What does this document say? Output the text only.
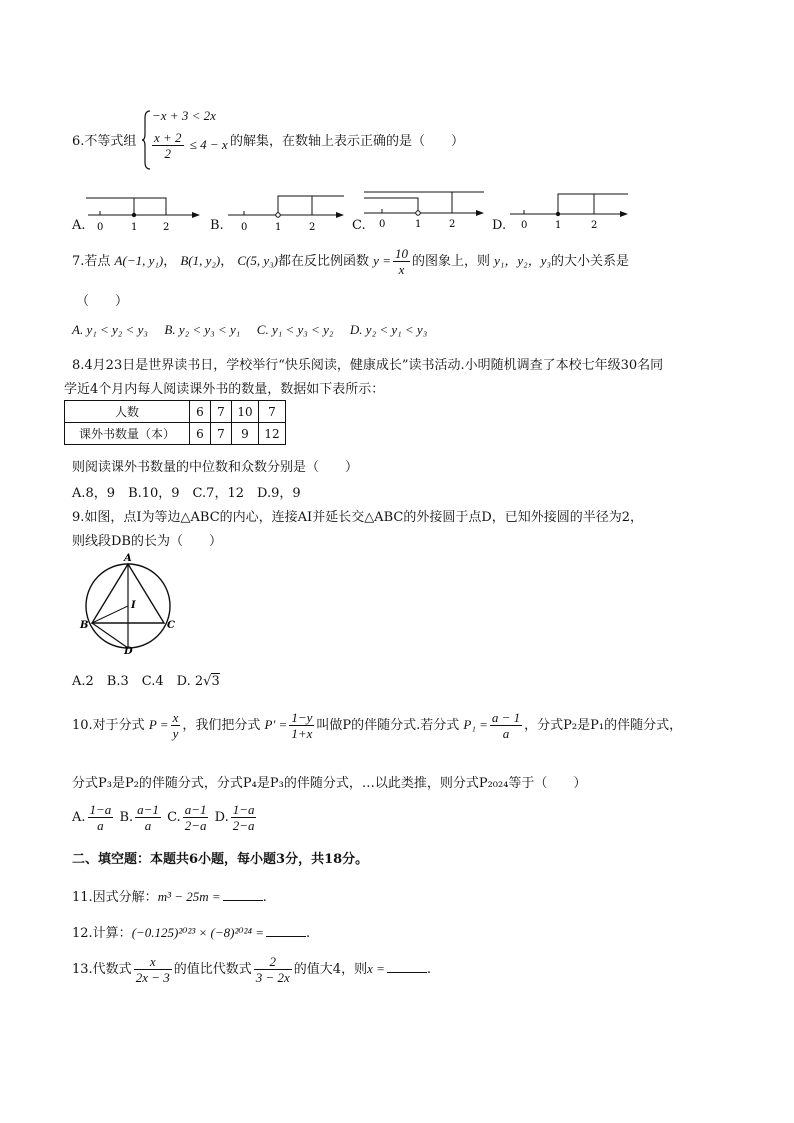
6.不等式组
−x + 3 < 2x
$\frac{x + 2}{2} \le 4 - x$ 的解集，在数轴上表示正确的是（　　）
A. 0	1	2	B. 0	1	2	C. 0	1	2	D. 0	1	2
7.若点 A(−1, y₁)， B(1, y₂)， C(5, y₃)都在反比例函数 $y = \frac{10}{x}$ 的图象上，则 y₁，y₂，y₃的大小关系是
（　　）
A. y₁ < y₂ < y₃ B. y₂ < y₃ < y₁ C. y₁ < y₃ < y₂ D. y₂ < y₁ < y₃
8.4月23日是世界读书日，学校举行“快乐阅读，健康成长”读书活动.小明随机调查了本校七年级30名同
学近4个月内每人阅读课外书的数量，数据如下表所示：
人数	6	7	10	7
课外书数量（本）	6	7	9	12
则阅读课外书数量的中位数和众数分别是（　　）
A.8，9　B.10，9　C.7，12　D.9，9
9.如图，点I为等边△ABC的内心，连接AI并延长交△ABC的外接圆于点D，已知外接圆的半径为2，
则线段DB的长为（　　）
A
B	C
D
I
A.2　B.3　C.4　D. 2√3
10.对于分式 $P = \frac{x}{y}$ ，我们把分式 $P' = \frac{1-y}{1+x}$ 叫做P的伴随分式.若分式 $P_1 = \frac{a - 1}{a}$ ，分式P₂是P₁的伴随分式，
分式P₃是P₂的伴随分式，分式P₄是P₃的伴随分式，…以此类推，则分式P₂₀₂₄等于（　　）
A. $\frac{1-a}{a} B$. $\frac{a-1}{a} C$. $\frac{a-1}{2-a} D$. $\frac{1-a}{2-a}$
二、填空题：本题共6小题，每小题3分，共18分。
11.因式分解：m³ − 25m =	.
12.计算：(−0.125)²⁰²³ × (−8)²⁰²⁴ =	.
13.代数式 $\frac{x}{2x - 3}$ 的值比代数式 $\frac{2}{3 - 2x}$ 的值大4，则x =	.
